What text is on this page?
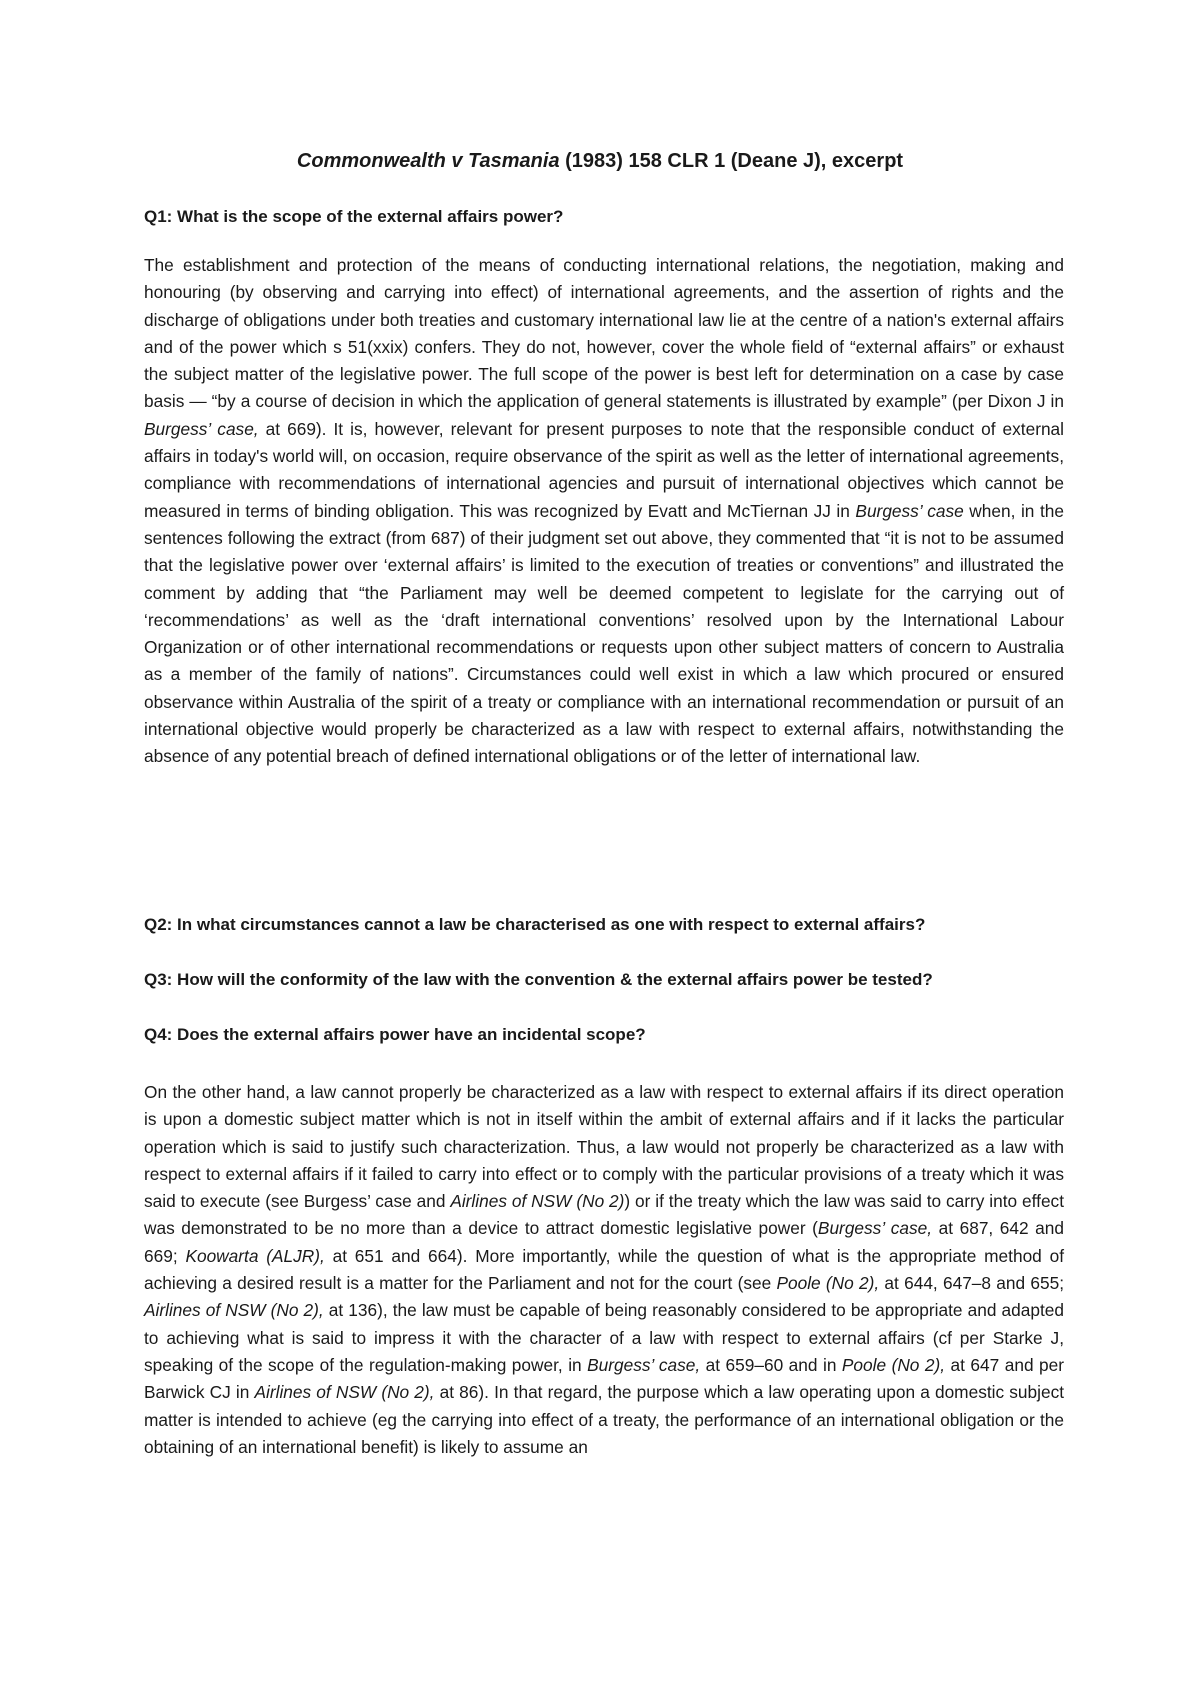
Commonwealth v Tasmania (1983) 158 CLR 1 (Deane J), excerpt

Q1: What is the scope of the external affairs power?

The establishment and protection of the means of conducting international relations, the negotiation, making and honouring (by observing and carrying into effect) of international agreements, and the assertion of rights and the discharge of obligations under both treaties and customary international law lie at the centre of a nation's external affairs and of the power which s 51(xxix) confers. They do not, however, cover the whole field of “external affairs” or exhaust the subject matter of the legislative power. The full scope of the power is best left for determination on a case by case basis — “by a course of decision in which the application of general statements is illustrated by example” (per Dixon J in Burgess’ case, at 669). It is, however, relevant for present purposes to note that the responsible conduct of external affairs in today's world will, on occasion, require observance of the spirit as well as the letter of international agreements, compliance with recommendations of international agencies and pursuit of international objectives which cannot be measured in terms of binding obligation. This was recognized by Evatt and McTiernan JJ in Burgess’ case when, in the sentences following the extract (from 687) of their judgment set out above, they commented that “it is not to be assumed that the legislative power over ‘external affairs’ is limited to the execution of treaties or conventions” and illustrated the comment by adding that “the Parliament may well be deemed competent to legislate for the carrying out of ‘recommendations’ as well as the ‘draft international conventions’ resolved upon by the International Labour Organization or of other international recommendations or requests upon other subject matters of concern to Australia as a member of the family of nations”. Circumstances could well exist in which a law which procured or ensured observance within Australia of the spirit of a treaty or compliance with an international recommendation or pursuit of an international objective would properly be characterized as a law with respect to external affairs, notwithstanding the absence of any potential breach of defined international obligations or of the letter of international law.

Q2: In what circumstances cannot a law be characterised as one with respect to external affairs?

Q3: How will the conformity of the law with the convention & the external affairs power be tested?

Q4: Does the external affairs power have an incidental scope?

On the other hand, a law cannot properly be characterized as a law with respect to external affairs if its direct operation is upon a domestic subject matter which is not in itself within the ambit of external affairs and if it lacks the particular operation which is said to justify such characterization. Thus, a law would not properly be characterized as a law with respect to external affairs if it failed to carry into effect or to comply with the particular provisions of a treaty which it was said to execute (see Burgess’ case and Airlines of NSW (No 2)) or if the treaty which the law was said to carry into effect was demonstrated to be no more than a device to attract domestic legislative power (Burgess’ case, at 687, 642 and 669; Koowarta (ALJR), at 651 and 664). More importantly, while the question of what is the appropriate method of achieving a desired result is a matter for the Parliament and not for the court (see Poole (No 2), at 644, 647–8 and 655; Airlines of NSW (No 2), at 136), the law must be capable of being reasonably considered to be appropriate and adapted to achieving what is said to impress it with the character of a law with respect to external affairs (cf per Starke J, speaking of the scope of the regulation-making power, in Burgess’ case, at 659–60 and in Poole (No 2), at 647 and per Barwick CJ in Airlines of NSW (No 2), at 86). In that regard, the purpose which a law operating upon a domestic subject matter is intended to achieve (eg the carrying into effect of a treaty, the performance of an international obligation or the obtaining of an international benefit) is likely to assume an
